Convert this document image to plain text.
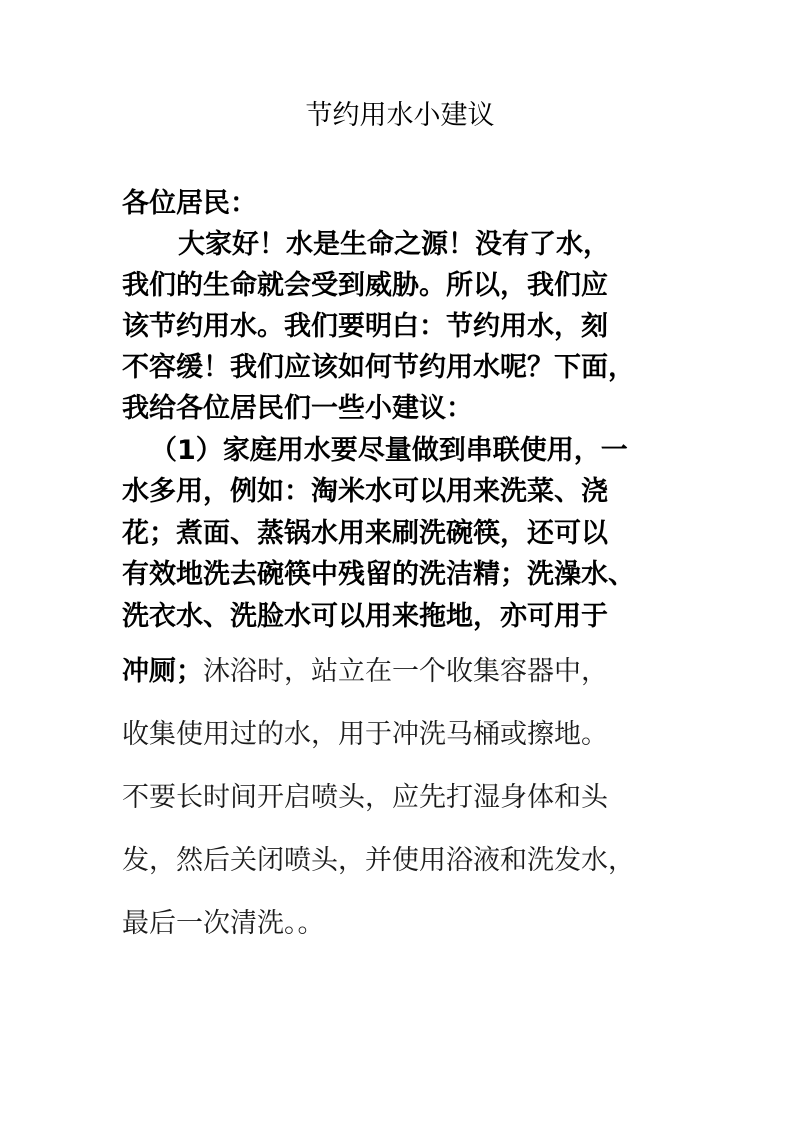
节约用水小建议
各位居民：
大家好！水是生命之源！没有了水，
我们的生命就会受到威胁。所以，我们应
该节约用水。我们要明白：节约用水，刻
不容缓！我们应该如何节约用水呢？下面，
我给各位居民们一些小建议：
（1）家庭用水要尽量做到串联使用，一
水多用，例如：淘米水可以用来洗菜、浇
花；煮面、蒸锅水用来刷洗碗筷，还可以
有效地洗去碗筷中残留的洗洁精；洗澡水、
洗衣水、洗脸水可以用来拖地，亦可用于
冲厕；沐浴时，站立在一个收集容器中，
收集使用过的水，用于冲洗马桶或擦地。
不要长时间开启喷头，应先打湿身体和头
发，然后关闭喷头，并使用浴液和洗发水，
最后一次清洗。。
